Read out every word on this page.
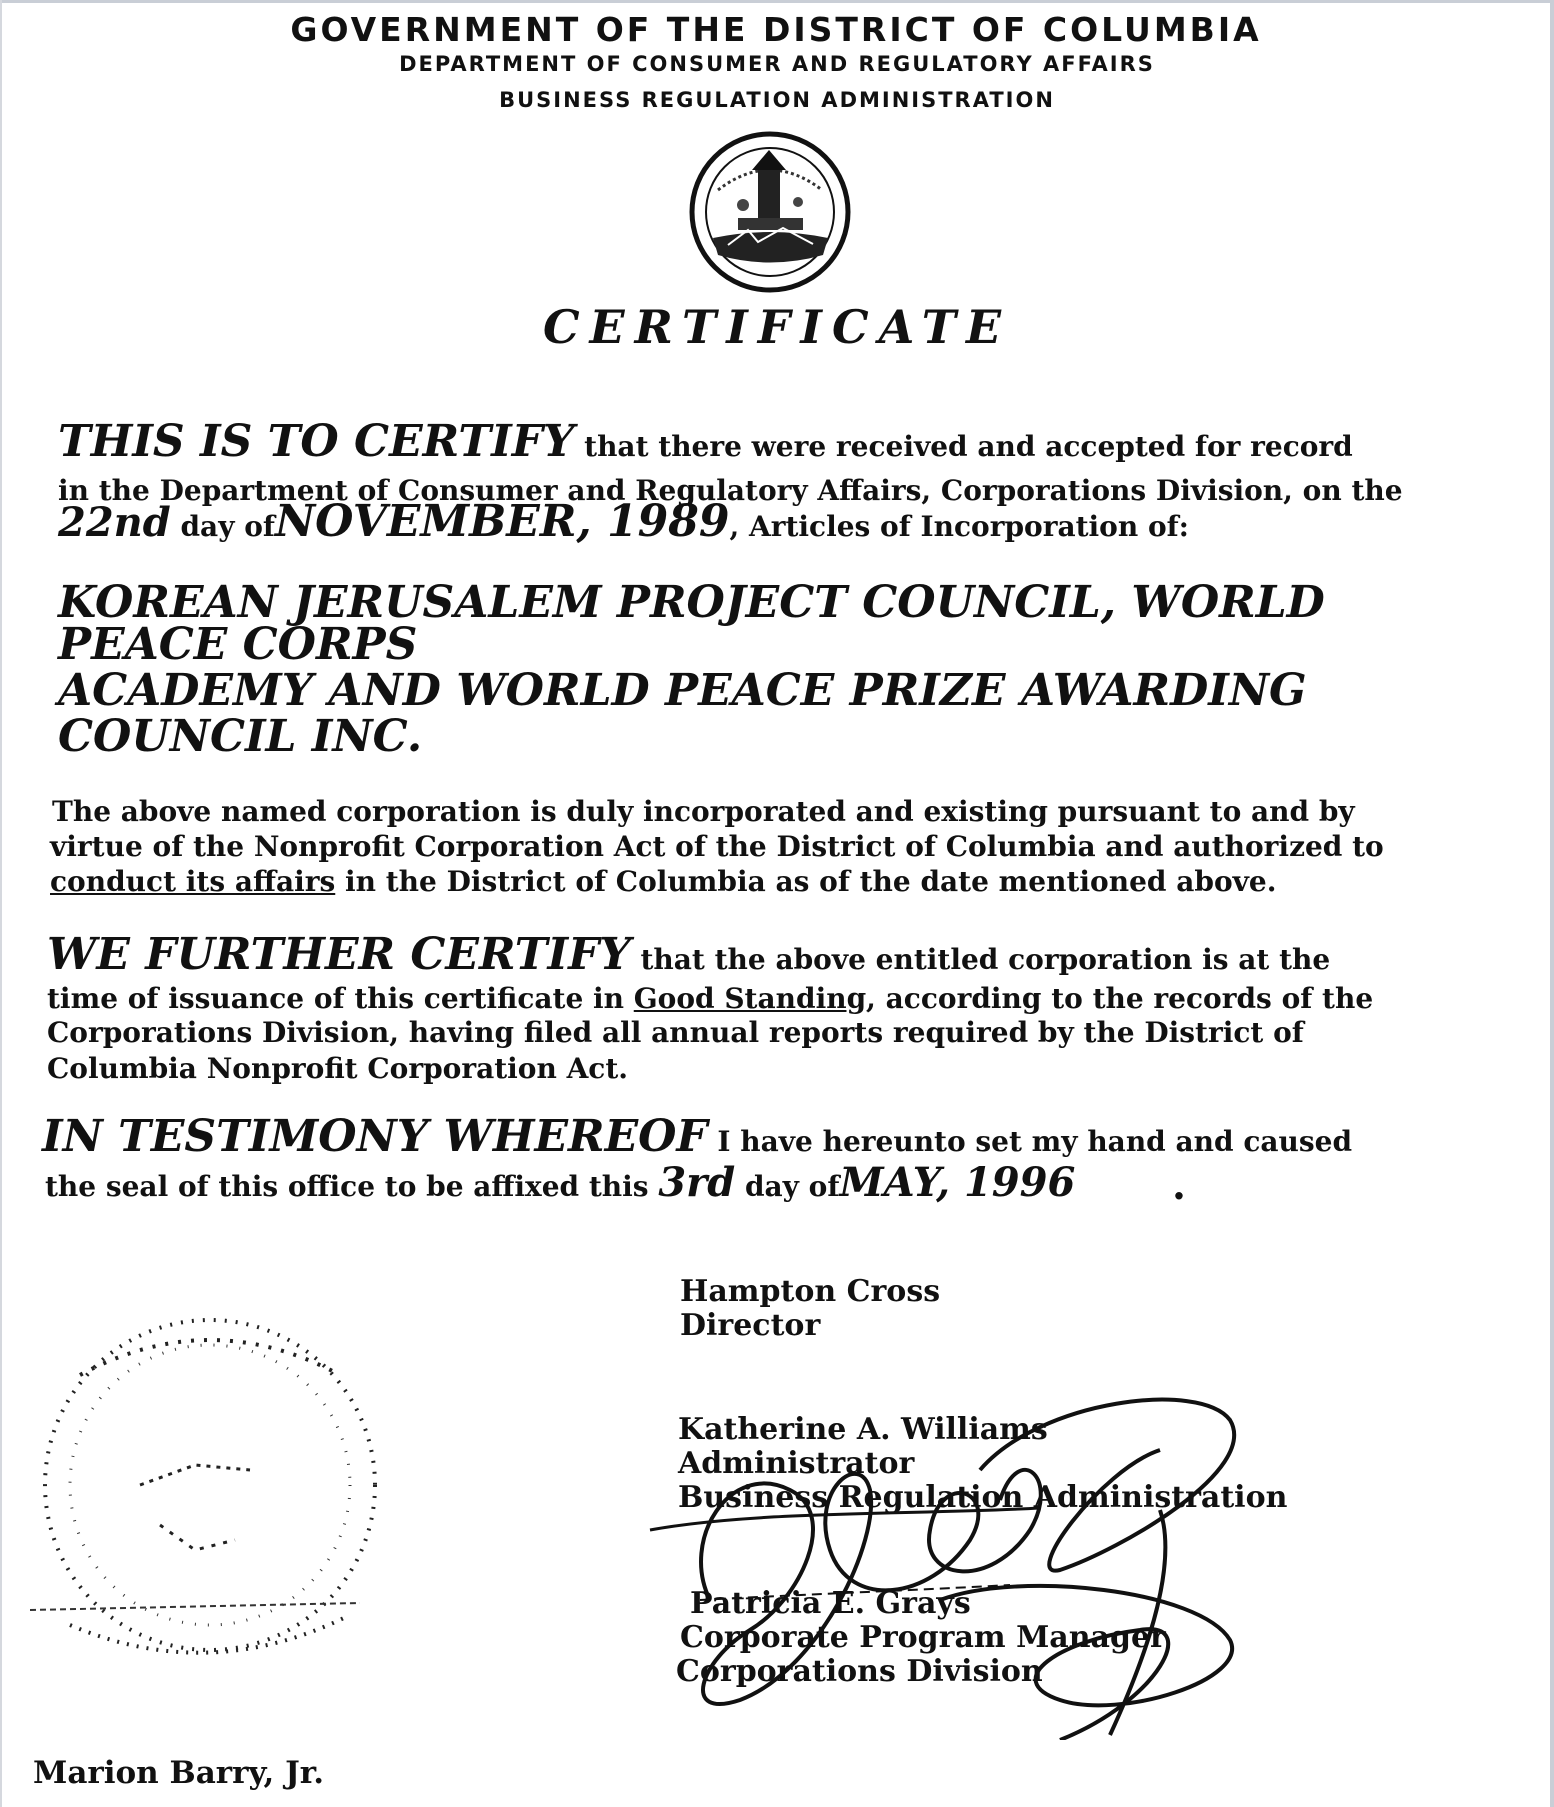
GOVERNMENT OF THE DISTRICT OF COLUMBIA
DEPARTMENT OF CONSUMER AND REGULATORY AFFAIRS
BUSINESS REGULATION ADMINISTRATION
CERTIFICATE
THIS IS TO CERTIFY that there were received and accepted for record
in the Department of Consumer and Regulatory Affairs, Corporations Division, on the
22nd day ofNOVEMBER, 1989, Articles of Incorporation of:
KOREAN JERUSALEM PROJECT COUNCIL, WORLD
PEACE CORPS
ACADEMY AND WORLD PEACE PRIZE AWARDING
COUNCIL INC.
The above named corporation is duly incorporated and existing pursuant to and by
virtue of the Nonprofit Corporation Act of the District of Columbia and authorized to
conduct its affairs in the District of Columbia as of the date mentioned above.
WE FURTHER CERTIFY that the above entitled corporation is at the
time of issuance of this certificate in Good Standing, according to the records of the
Corporations Division, having filed all annual reports required by the District of
Columbia Nonprofit Corporation Act.
IN TESTIMONY WHEREOF I have hereunto set my hand and caused
the seal of this office to be affixed this 3rd day ofMAY, 1996 .
Hampton Cross
Director
Katherine A. Williams
Administrator
Business Regulation Administration
Patricia E. Grays
Corporate Program Manager
Corporations Division
Marion Barry, Jr.
